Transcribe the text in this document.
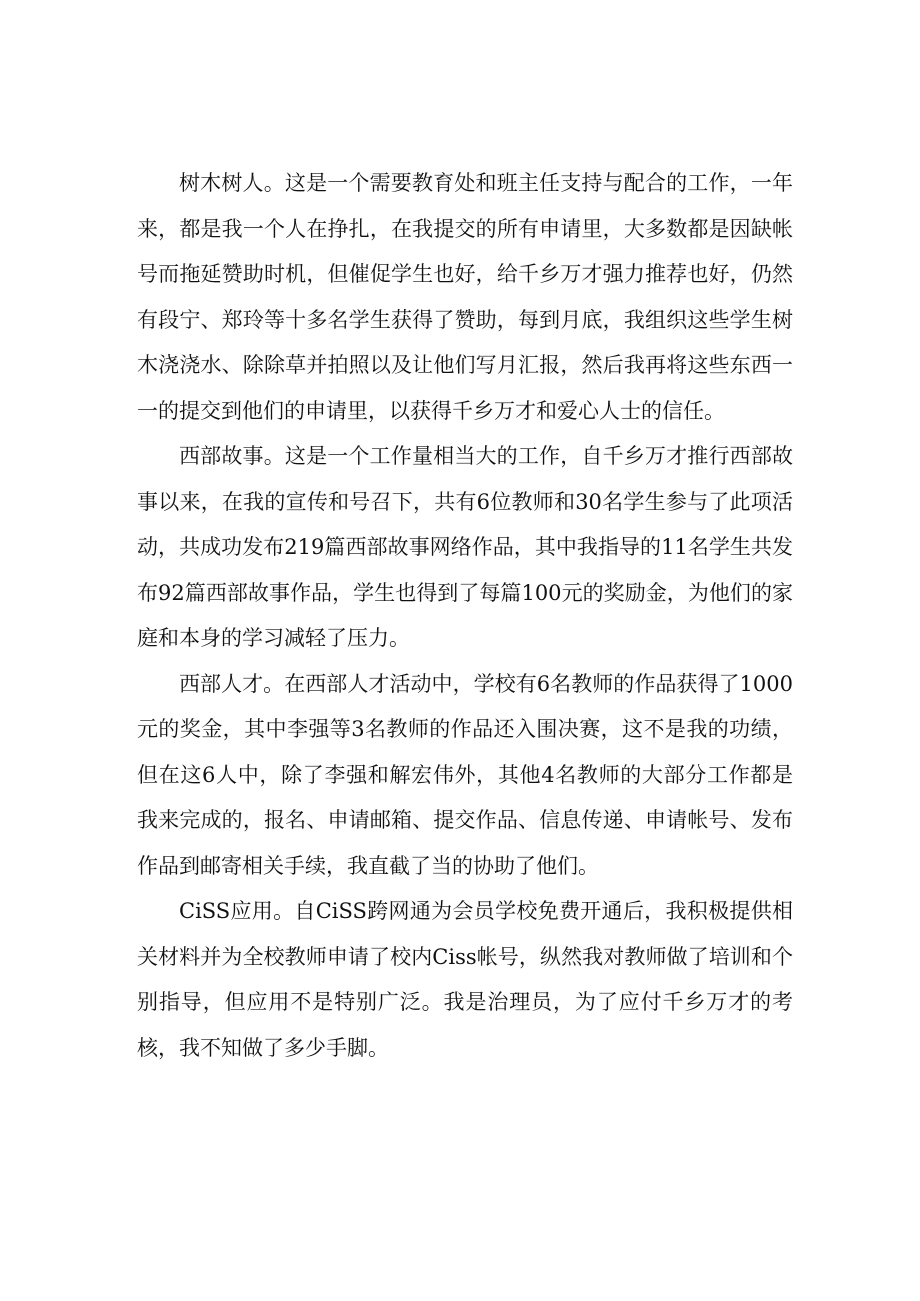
树木树人。这是一个需要教育处和班主任支持与配合的工作，一年来，都是我一个人在挣扎，在我提交的所有申请里，大多数都是因缺帐号而拖延赞助时机，但催促学生也好，给千乡万才强力推荐也好，仍然有段宁、郑玲等十多名学生获得了赞助，每到月底，我组织这些学生树木浇浇水、除除草并拍照以及让他们写月汇报，然后我再将这些东西一一的提交到他们的申请里，以获得千乡万才和爱心人士的信任。

西部故事。这是一个工作量相当大的工作，自千乡万才推行西部故事以来，在我的宣传和号召下，共有6位教师和30名学生参与了此项活动，共成功发布219篇西部故事网络作品，其中我指导的11名学生共发布92篇西部故事作品，学生也得到了每篇100元的奖励金，为他们的家庭和本身的学习减轻了压力。

西部人才。在西部人才活动中，学校有6名教师的作品获得了1000元的奖金，其中李强等3名教师的作品还入围决赛，这不是我的功绩，但在这6人中，除了李强和解宏伟外，其他4名教师的大部分工作都是我来完成的，报名、申请邮箱、提交作品、信息传递、申请帐号、发布作品到邮寄相关手续，我直截了当的协助了他们。

CiSS应用。自CiSS跨网通为会员学校免费开通后，我积极提供相关材料并为全校教师申请了校内Ciss帐号，纵然我对教师做了培训和个别指导，但应用不是特别广泛。我是治理员，为了应付千乡万才的考核，我不知做了多少手脚。
